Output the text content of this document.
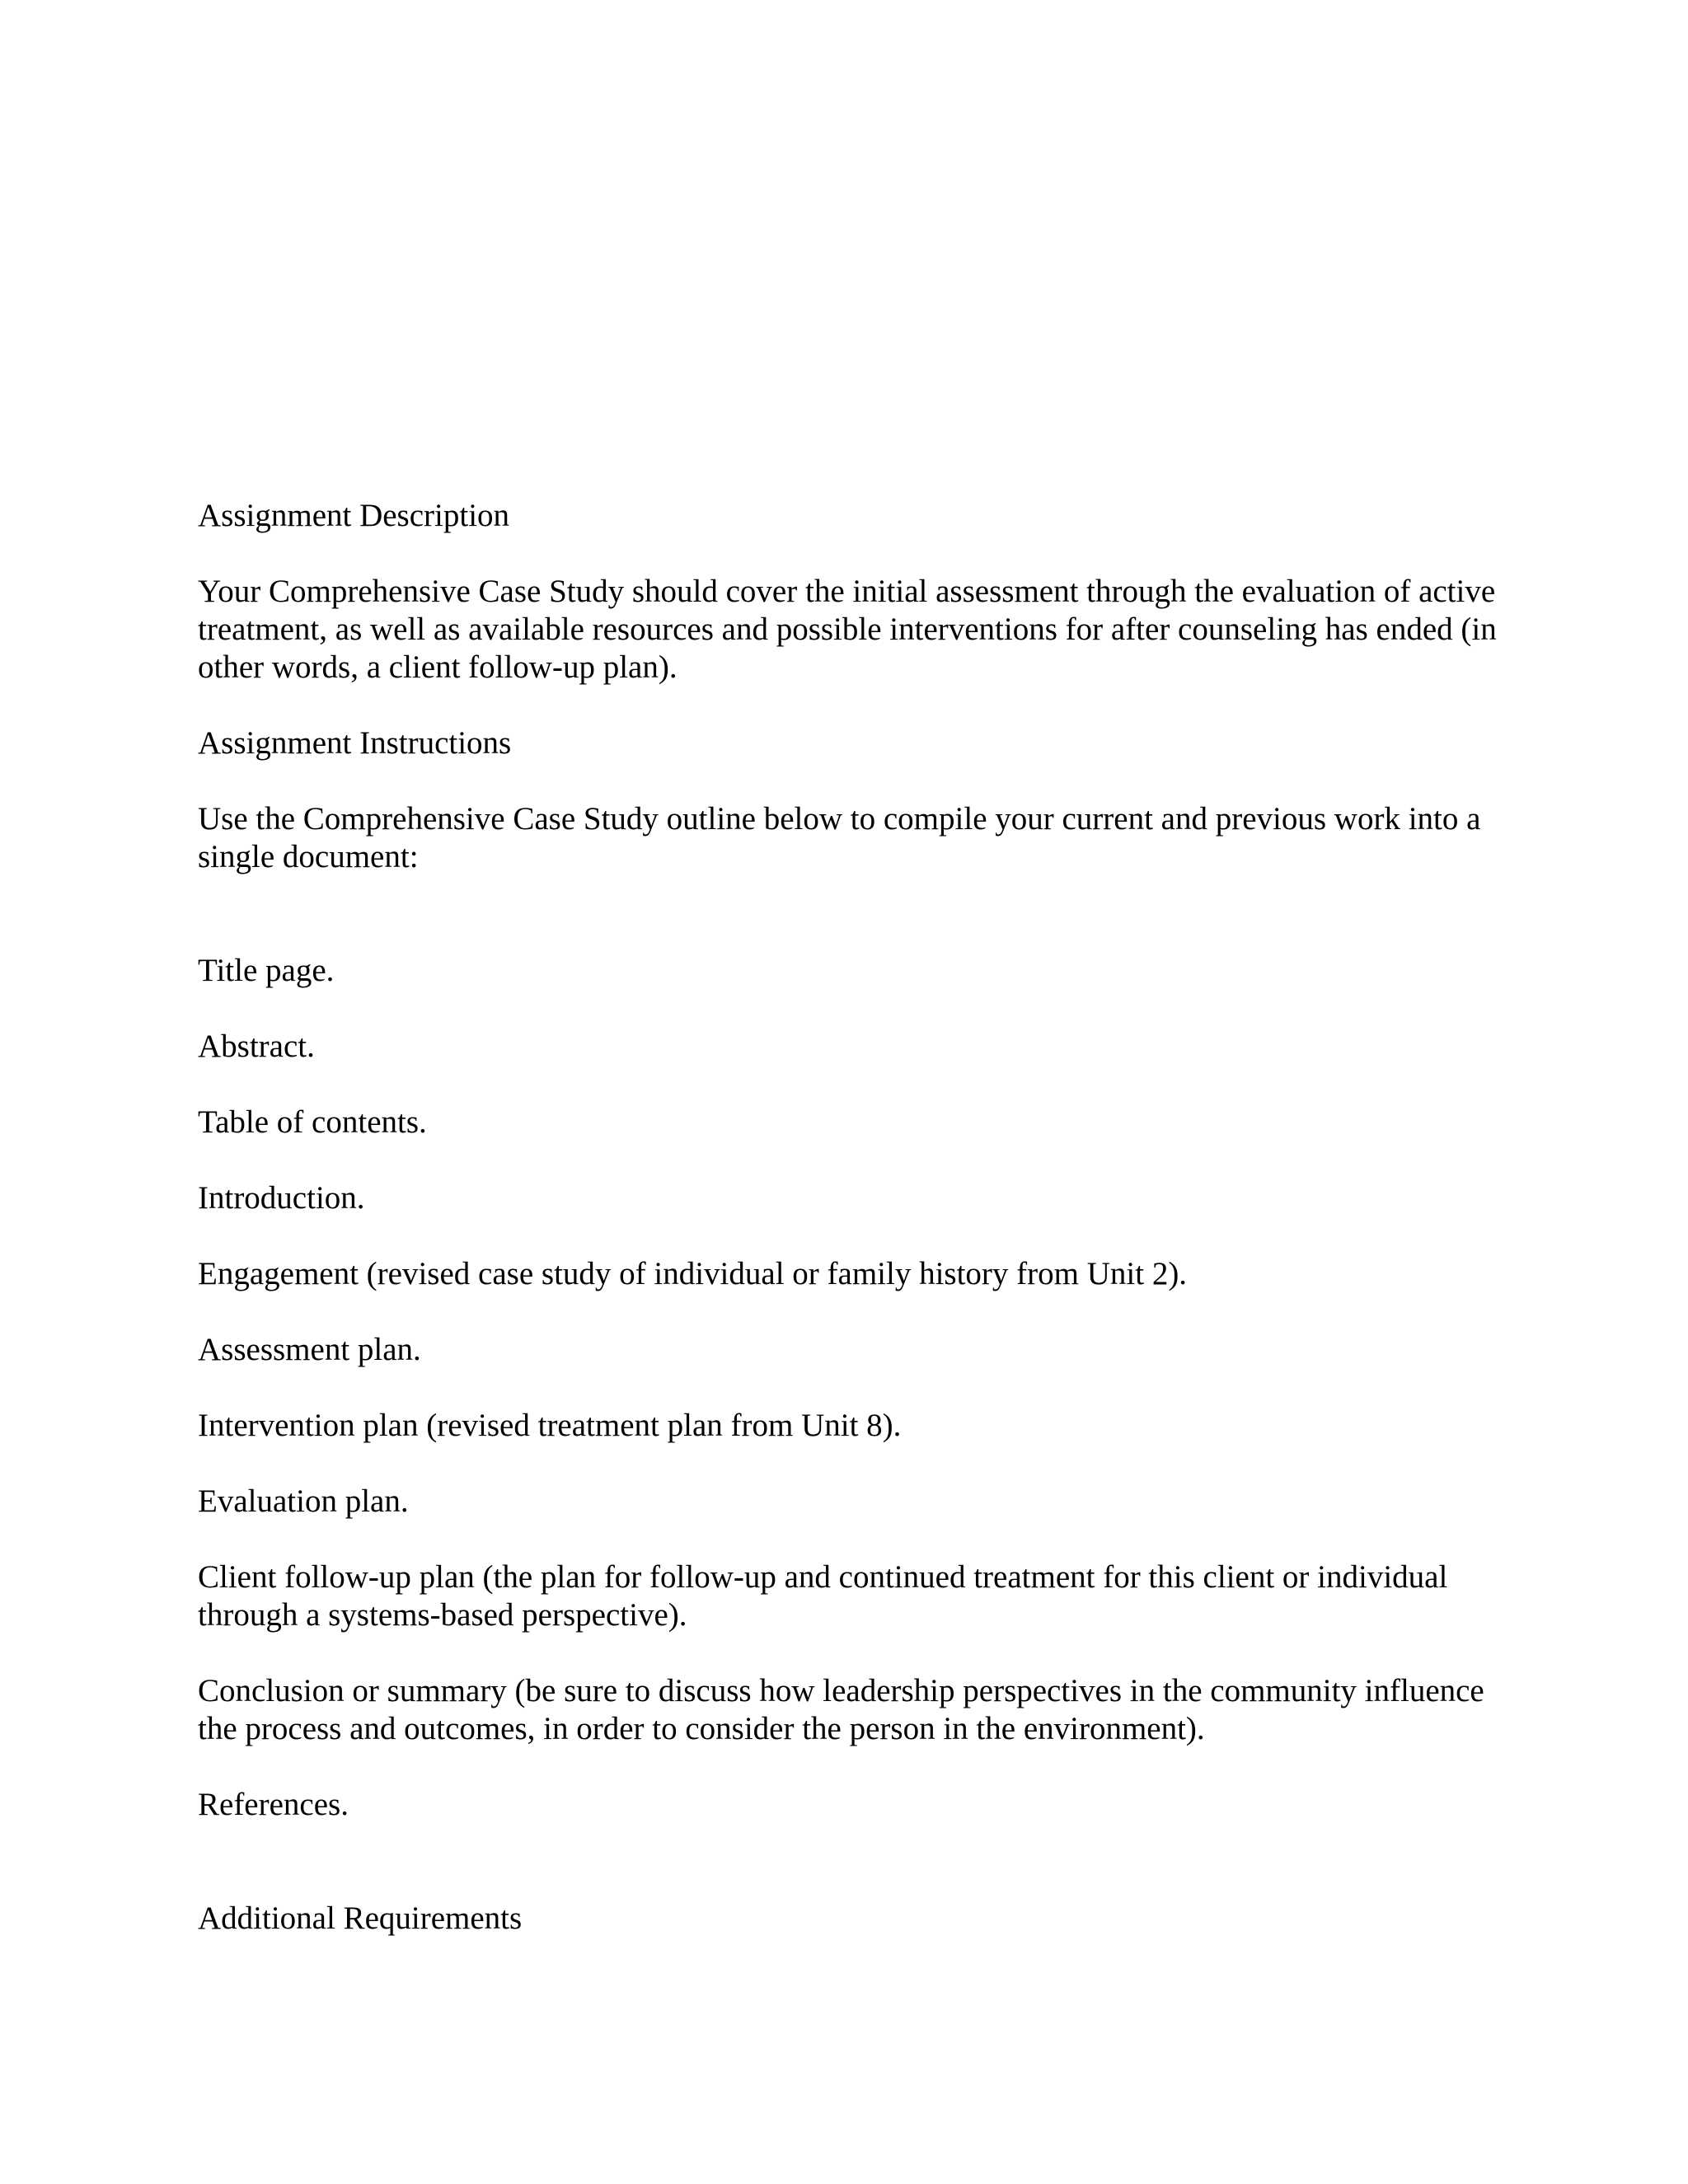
Assignment Description

Your Comprehensive Case Study should cover the initial assessment through the evaluation of active treatment, as well as available resources and possible interventions for after counseling has ended (in other words, a client follow-up plan).

Assignment Instructions

Use the Comprehensive Case Study outline below to compile your current and previous work into a single document:

Title page.

Abstract.

Table of contents.

Introduction.

Engagement (revised case study of individual or family history from Unit 2).

Assessment plan.

Intervention plan (revised treatment plan from Unit 8).

Evaluation plan.

Client follow-up plan (the plan for follow-up and continued treatment for this client or individual through a systems-based perspective).

Conclusion or summary (be sure to discuss how leadership perspectives in the community influence the process and outcomes, in order to consider the person in the environment).

References.

Additional Requirements
